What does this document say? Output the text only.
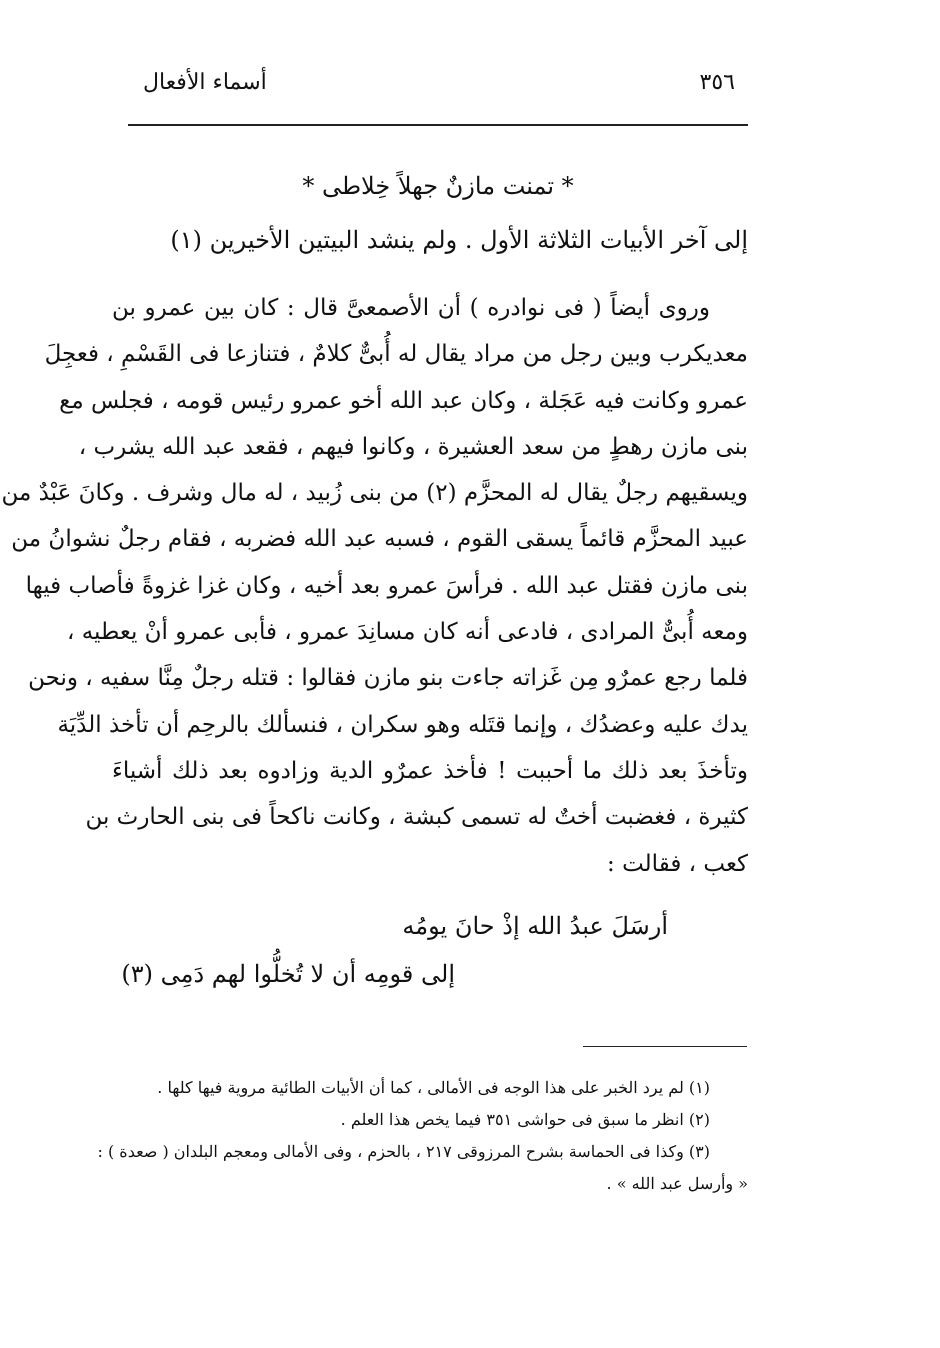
أسماء الأفعال	٣٥٦
* تمنت مازنٌ جهلاً خِلاطى *
إلى آخر الأبيات الثلاثة الأول . ولم ينشد البيتين الأخيرين (١)
وروى أيضاً ( فى نوادره ) أن الأصمعىَّ قال : كان بين عمرو بن
معديكرب وبين رجل من مراد يقال له أُبىٌّ كلامٌ ، فتنازعا فى القَسْمِ ، فعجِلَ
عمرو وكانت فيه عَجَلة ، وكان عبد الله أخو عمرو رئيس قومه ، فجلس مع
بنى مازن رهطٍ من سعد العشيرة ، وكانوا فيهم ، فقعد عبد الله يشرب ،
ويسقيهم رجلٌ يقال له المحزَّم (٢) من بنى زُبيد ، له مال وشرف . وكانَ عَبْدٌ من
عبيد المحزَّم قائماً يسقى القوم ، فسبه عبد الله فضربه ، فقام رجلٌ نشوانُ من
بنى مازن فقتل عبد الله . فرأسَ عمرو بعد أخيه ، وكان غزا غزوةً فأصاب فيها
ومعه أُبىٌّ المرادى ، فادعى أنه كان مسانِدَ عمرو ، فأبى عمرو أنْ يعطيه ،
فلما رجع عمرٌو مِن غَزاته جاءت بنو مازن فقالوا : قتله رجلٌ مِنَّا سفيه ، ونحن
يدك عليه وعضدُك ، وإنما قتَله وهو سكران ، فنسألك بالرحِم أن تأخذ الدِّيَة
وتأخذَ بعد ذلك ما أحببت ! فأخذ عمرٌو الدية وزادوه بعد ذلك أشياءَ
كثيرة ، فغضبت أختٌ له تسمى كبشة ، وكانت ناكحاً فى بنى الحارث بن
كعب ، فقالت :
أرسَلَ عبدُ الله إذْ حانَ يومُه
إلى قومِه أن لا تُخلُّوا لهم دَمِى (٣)
(١) لم يرد الخبر على هذا الوجه فى الأمالى ، كما أن الأبيات الطائية مروية فيها كلها .
(٢) انظر ما سبق فى حواشى ٣٥١ فيما يخص هذا العلم .
(٣) وكذا فى الحماسة بشرح المرزوقى ٢١٧ ، بالحزم ، وفى الأمالى ومعجم البلدان ( صعدة ) :
« وأرسل عبد الله » .
